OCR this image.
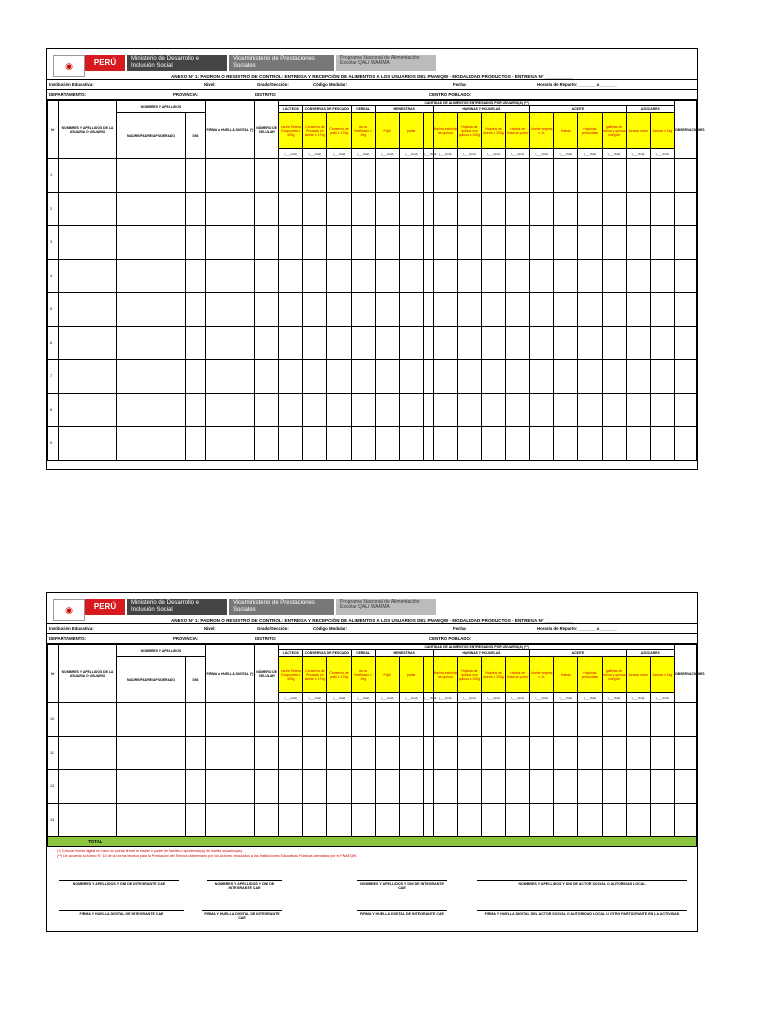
◉	PERÚ	Ministerio de Desarrollo e Inclusión Social
Viceministerio de Prestaciones Sociales
Programa Nacional de Alimentación Escolar QALI WARMA
ANEXO N° 1: PADRON O REGISTRO DE CONTROL: ENTREGA Y RECEPCIÓN DE ALIMENTOS A LOS USUARIOS DEL PNAEQW - MODALIDAD PRODUCTOS - ENTREGA N° ___________
Institución Educativa:	Nivel:	Grado/Sección:	Código Modular:	Fecha:	Horario de Reparto: _______ a _______
DEPARTAMENTO:	PROVINCIA:	DISTRITO:	CENTRO POBLADO:
Nº	NOMBRES Y APELLIDOS DE LA USUARIA O USUARIO	NOMBRES Y APELLIDOS		FIRMA o HUELLA DIGITAL (*)	NÚMERO DE CELULAR	CANTIDAD DE ALIMENTOS ENTREGADOS POR USUARIO(A) (**)																	OBSERVACIONES
						LÁCTEOS	CONSERVAS DE PESCADO		CEREAL	MENESTRAS			HARINAS Y HOJUELAS				ACEITE				AZÚCARES		
		MADRE/PADRE/APODERADO	DNI			Leche Entera Evaporada x 400g	Conserva de Pescado en aceite x 170g	Conserva de pollo x 170g	Arroz fortificado x 1Kg	Frijol	pallar		Harina extruida de quinua	Hojuela de quinua con quinua x 200g	Hojuela de avena x 200g	Harina de haba en polvo	Aceite vegetal x 1L	Habas	Hojuelas precocidas	galletas de avena y quinua integral	Azúcar rubia	Azúcar x 1kg	
						(___Und)	(___Und)	(___Und)	(___Und)	(___Und)	(___Und)	(___Und)	(___Und)	(___Und)	(___Und)	(___Und)	(___Und)	(___Und)	(___Und)	(___Und)	(___Und)	(___Und)	
1																							
2																							
3																							
4																							
5																							
6																							
7																							
8																							
9																							
◉	PERÚ	Ministerio de Desarrollo e Inclusión Social
Viceministerio de Prestaciones Sociales
Programa Nacional de Alimentación Escolar QALI WARMA
ANEXO N° 1: PADRON O REGISTRO DE CONTROL: ENTREGA Y RECEPCIÓN DE ALIMENTOS A LOS USUARIOS DEL PNAEQW - MODALIDAD PRODUCTOS - ENTREGA N° ___________
Institución Educativa:	Nivel:	Grado/Sección:	Código Modular:	Fecha:	Horario de Reparto: _______ a _______
DEPARTAMENTO:	PROVINCIA:	DISTRITO:	CENTRO POBLADO:
Nº	NOMBRES Y APELLIDOS DE LA USUARIA O USUARIO	NOMBRES Y APELLIDOS		FIRMA o HUELLA DIGITAL (*)	NÚMERO DE CELULAR	CANTIDAD DE ALIMENTOS ENTREGADOS POR USUARIO(A) (**)																	OBSERVACIONES
						LÁCTEOS	CONSERVAS DE PESCADO		CEREAL	MENESTRAS			HARINAS Y HOJUELAS				ACEITE				AZÚCARES		
		MADRE/PADRE/APODERADO	DNI			Leche Entera Evaporada x 400g	Conserva de Pescado en aceite x 170g	Conserva de pollo x 170g	Arroz fortificado x 1Kg	Frijol	pallar		Harina extruida de quinua	Hojuela de quinua con quinua x 200g	Hojuela de avena x 200g	Harina de haba en polvo	Aceite vegetal x 1L	Habas	Hojuelas precocidas	galletas de avena y quinua integral	Azúcar rubia	Azúcar x 1kg	
						(___Und)	(___Und)	(___Und)	(___Und)	(___Und)	(___Und)	(___Und)	(___Und)	(___Und)	(___Und)	(___Und)	(___Und)	(___Und)	(___Und)	(___Und)	(___Und)	(___Und)	
10																							
11																							
12																							
13																							
TOTAL																							
(*) Colocar huella digital en caso no pueda firmar la madre o padre de familia o apoderado(a) de los/las usuarios(as).
(**) De acuerdo al Anexo N° 10 de la norma técnica para la Prestación del Servicio Alimentario por los Actores vinculados a las Instituciones Educativas Públicas atendidas por el PNAEQW.
NOMBRES Y APELLIDOS Y DNI DE INTEGRANTE CAE	NOMBRES Y APELLIDOS Y DNI DE INTEGRANTE CAE
NOMBRES Y APELLIDOS Y DNI DE INTEGRANTE CAE
NOMBRES Y APELLIDOS Y DNI DE ACTOR SOCIAL O AUTORIDAD LOCAL
FIRMA Y HUELLA DIGITAL DE INTEGRANTE CAE	FIRMA Y HUELLA DIGITAL DE INTEGRANTE CAE
FIRMA Y HUELLA DIGITAL DE INTEGRANTE CAE	FIRMA Y HUELLA DIGITAL DEL ACTOR SOCIAL O AUTORIDAD LOCAL U OTRO PARTICIPANTE EN LA ACTIVIDAD
